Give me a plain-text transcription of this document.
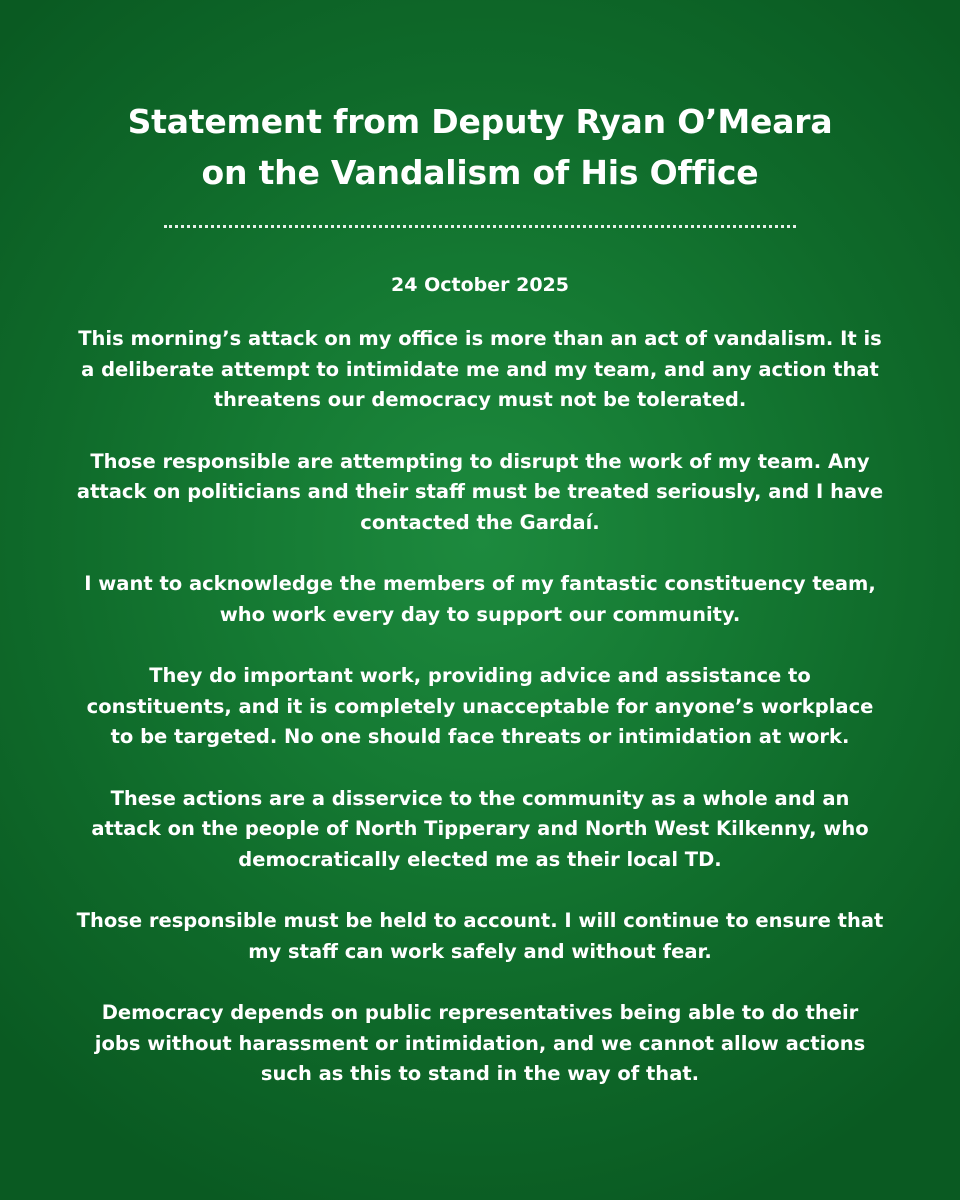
Statement from Deputy Ryan O’Meara
on the Vandalism of His Office
24 October 2025

This morning’s attack on my office is more than an act of vandalism. It is
a deliberate attempt to intimidate me and my team, and any action that
threatens our democracy must not be tolerated.

Those responsible are attempting to disrupt the work of my team. Any
attack on politicians and their staff must be treated seriously, and I have
contacted the Gardaí.

I want to acknowledge the members of my fantastic constituency team,
who work every day to support our community.

They do important work, providing advice and assistance to
constituents, and it is completely unacceptable for anyone’s workplace
to be targeted. No one should face threats or intimidation at work.

These actions are a disservice to the community as a whole and an
attack on the people of North Tipperary and North West Kilkenny, who
democratically elected me as their local TD.

Those responsible must be held to account. I will continue to ensure that
my staff can work safely and without fear.

Democracy depends on public representatives being able to do their
jobs without harassment or intimidation, and we cannot allow actions
such as this to stand in the way of that.
